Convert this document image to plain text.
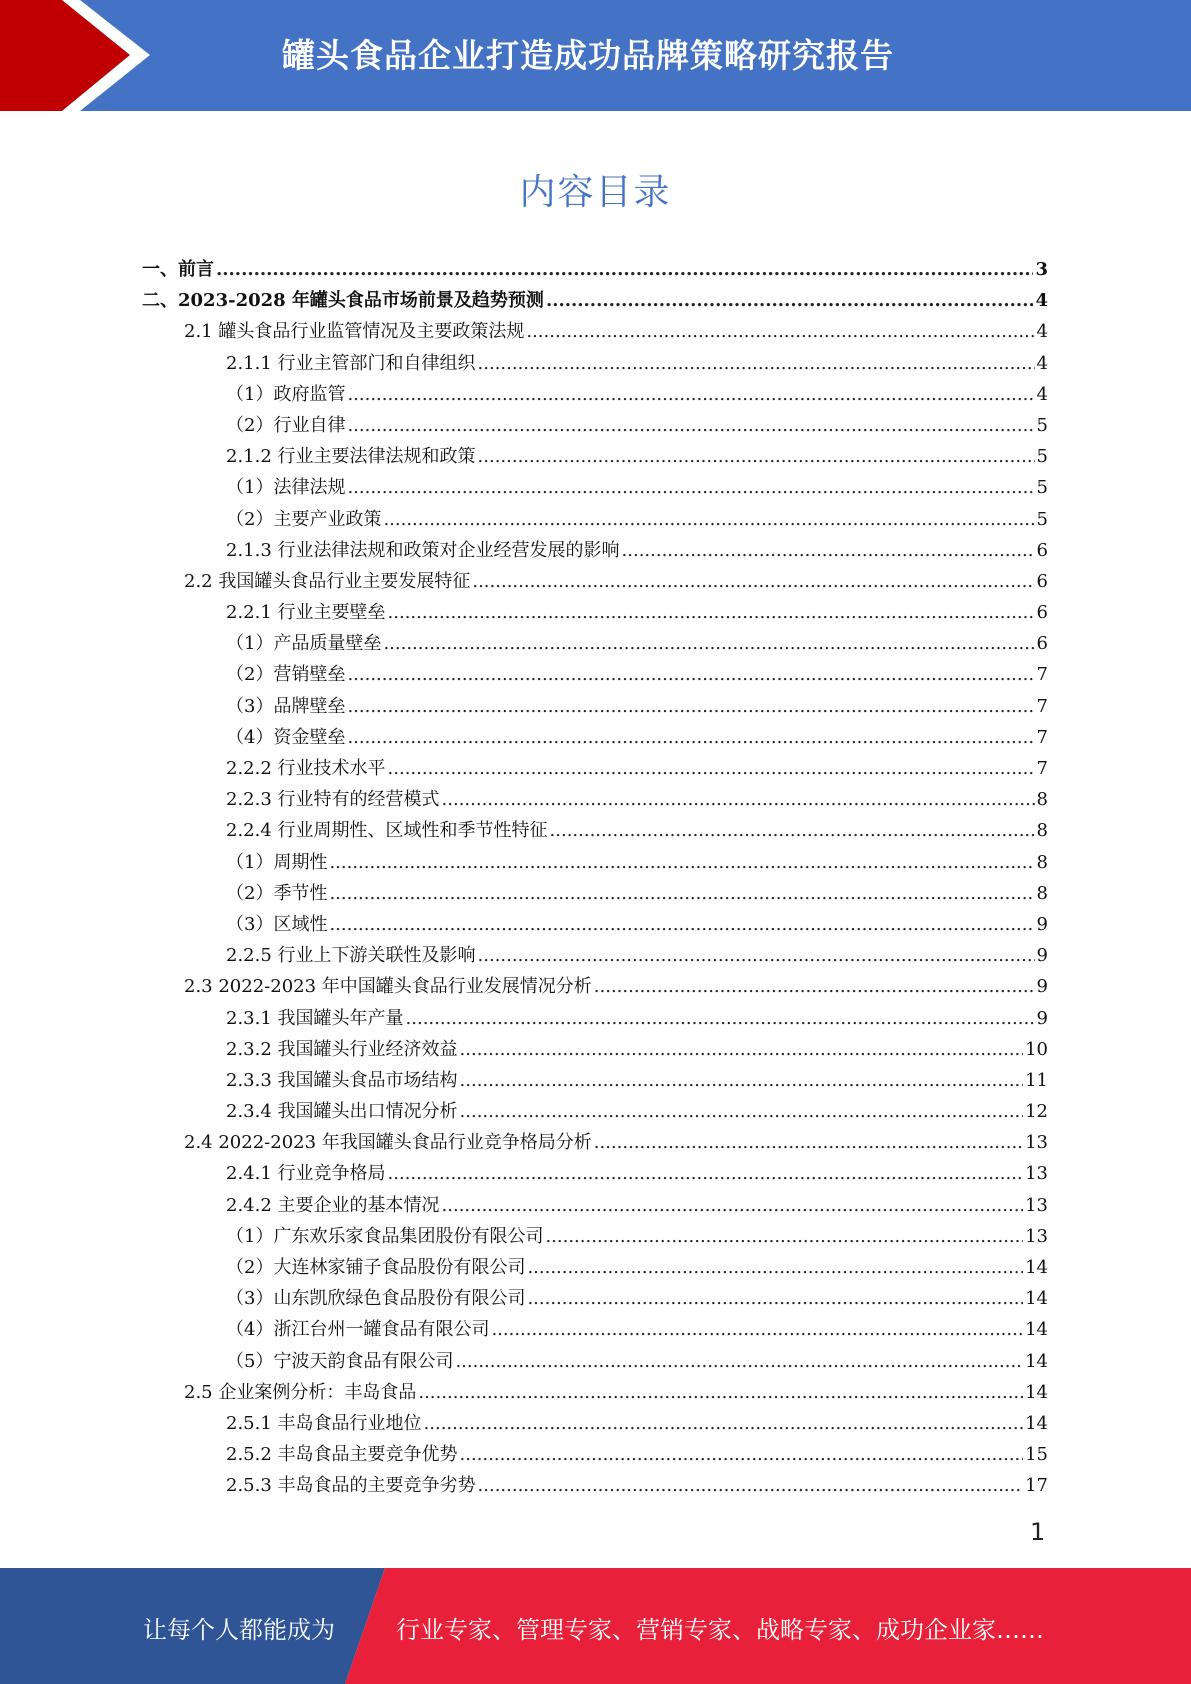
罐头食品企业打造成功品牌策略研究报告
内容目录
一、前言 .....	3
二、2023-2028 年罐头食品市场前景及趋势预测 .....	4
2.1 罐头食品行业监管情况及主要政策法规 .....	4
2.1.1 行业主管部门和自律组织 .....	4
（1）政府监管 .....	4
（2）行业自律 .....	5
2.1.2 行业主要法律法规和政策 .....	5
（1）法律法规 .....	5
（2）主要产业政策 .....	5
2.1.3 行业法律法规和政策对企业经营发展的影响 .....	6
2.2 我国罐头食品行业主要发展特征 .....	6
2.2.1 行业主要壁垒 .....	6
（1）产品质量壁垒 .....	6
（2）营销壁垒 .....	7
（3）品牌壁垒 .....	7
（4）资金壁垒 .....	7
2.2.2 行业技术水平 .....	7
2.2.3 行业特有的经营模式 .....	8
2.2.4 行业周期性、区域性和季节性特征 .....	8
（1）周期性 .....	8
（2）季节性 .....	8
（3）区域性 .....	9
2.2.5 行业上下游关联性及影响 .....	9
2.3 2022-2023 年中国罐头食品行业发展情况分析 .....	9
2.3.1 我国罐头年产量 .....	9
2.3.2 我国罐头行业经济效益 .....	10
2.3.3 我国罐头食品市场结构 .....	11
2.3.4 我国罐头出口情况分析 .....	12
2.4 2022-2023 年我国罐头食品行业竞争格局分析 .....	13
2.4.1 行业竞争格局 .....	13
2.4.2 主要企业的基本情况 .....	13
（1）广东欢乐家食品集团股份有限公司 .....	13
（2）大连林家铺子食品股份有限公司 .....	14
（3）山东凯欣绿色食品股份有限公司 .....	14
（4）浙江台州一罐食品有限公司 .....	14
（5）宁波天韵食品有限公司 .....	14
2.5 企业案例分析：丰岛食品 .....	14
2.5.1 丰岛食品行业地位 .....	14
2.5.2 丰岛食品主要竞争优势 .....	15
2.5.3 丰岛食品的主要竞争劣势 .....	17
1
让每个人都能成为	行业专家、管理专家、营销专家、战略专家、成功企业家……
